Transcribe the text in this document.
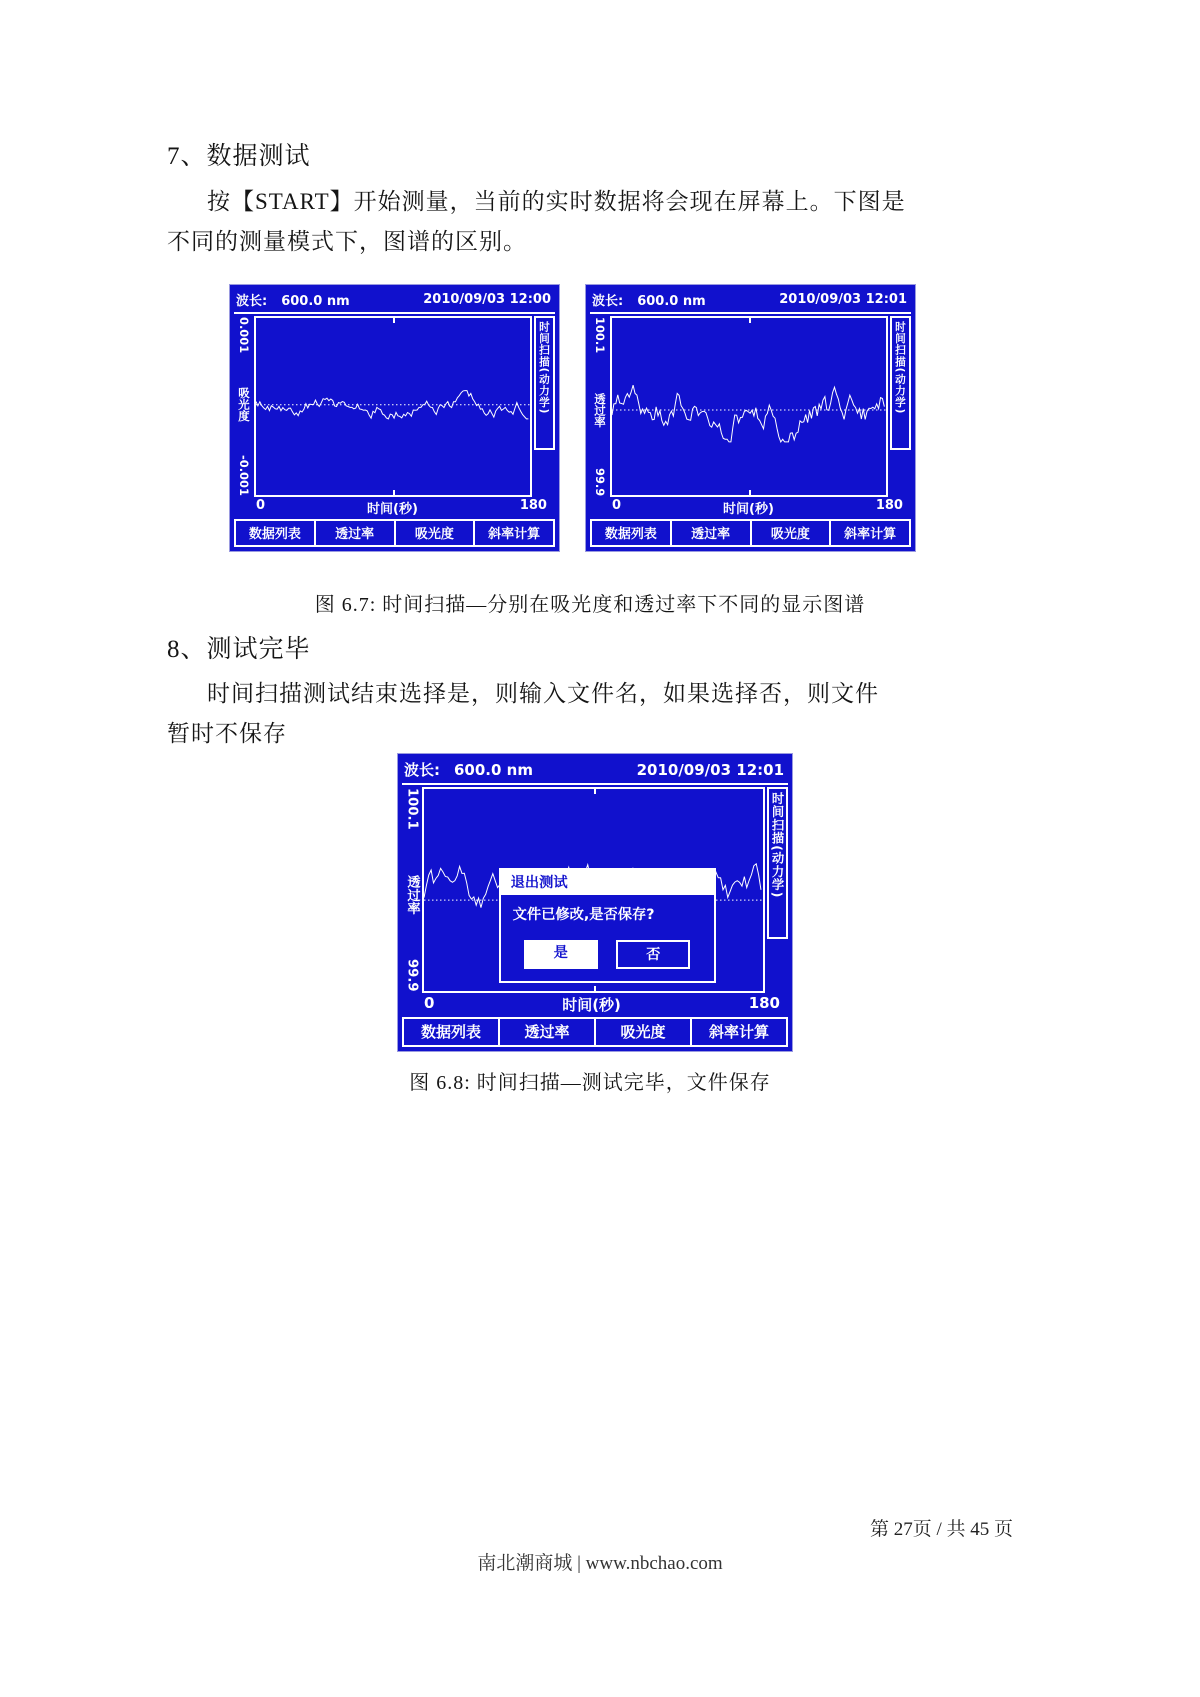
7、数据测试

按【START】开始测量，当前的实时数据将会现在屏幕上。下图是
不同的测量模式下，图谱的区别。

波长: 600.0 nm	2010/09/03 12:00
0.001
吸光度
-0.001
时间扫描(动力学)
0	时间(秒)	180
数据列表	透过率	吸光度	斜率计算
波长: 600.0 nm	2010/09/03 12:01
100.1
透过率
99.9
时间扫描(动力学)
0	时间(秒)	180
数据列表	透过率	吸光度	斜率计算
图 6.7: 时间扫描—分别在吸光度和透过率下不同的显示图谱
8、测试完毕

时间扫描测试结束选择是，则输入文件名，如果选择否，则文件
暂时不保存

波长: 600.0 nm	2010/09/03 12:01
100.1
透过率
99.9
退出测试
文件已修改,是否保存?
是	否
时间扫描(动力学)
0	时间(秒)	180
数据列表	透过率	吸光度	斜率计算
图 6.8: 时间扫描—测试完毕，文件保存
第 27页 / 共 45 页
南北潮商城 | www.nbchao.com
